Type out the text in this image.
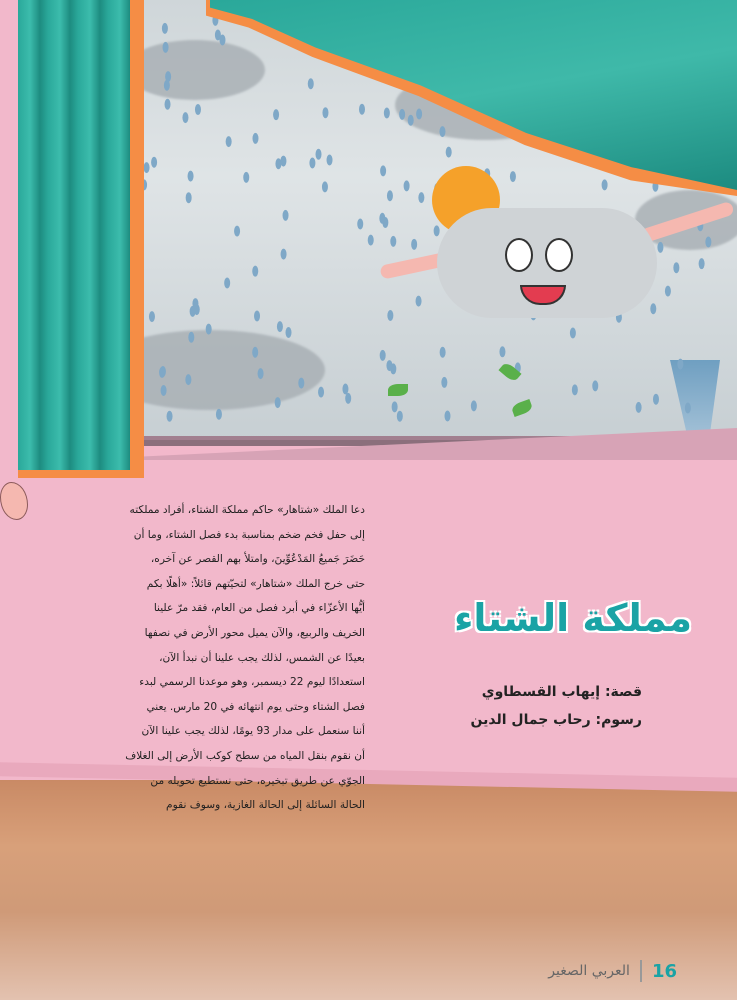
مملكة الشتاء
قصة: إيهاب القسطاوي
رسوم: رحاب جمال الدين

دعا الملك «شتاهار» حاكم مملكة الشتاء، أفراد مملكته

إلى حفل فخم ضخم بمناسبة بدء فصل الشتاء، وما أن

حَضَرَ جَميعُ المَدْعُوِّينَ، وامتلأ بهم القصر عن آخره،

حتى خرج الملك «شتاهار» لتحيّتهم قائلاً: «أهلًا بكم

أيُّها الأعزّاء في أبرد فصل من العام، فقد مرّ علينا

الخريف والربيع، والآن يميل محور الأرض في نصفها

بعيدًا عن الشمس، لذلك يجب علينا أن نبدأ الآن،

استعدادًا ليوم 22 ديسمبر، وهو موعدنا الرسمي لبدء

فصل الشتاء وحتى يوم انتهائه في 20 مارس. يعني

أننا سنعمل على مدار 93 يومًا، لذلك يجب علينا الآن

أن نقوم بنقل المياه من سطح كوكب الأرض إلى الغلاف

الجوّي عن طريق تبخيره، حتى نستطيع تحويله من

الحالة السائلة إلى الحالة الغازية، وسوف نقوم

16
العربي الصغير
